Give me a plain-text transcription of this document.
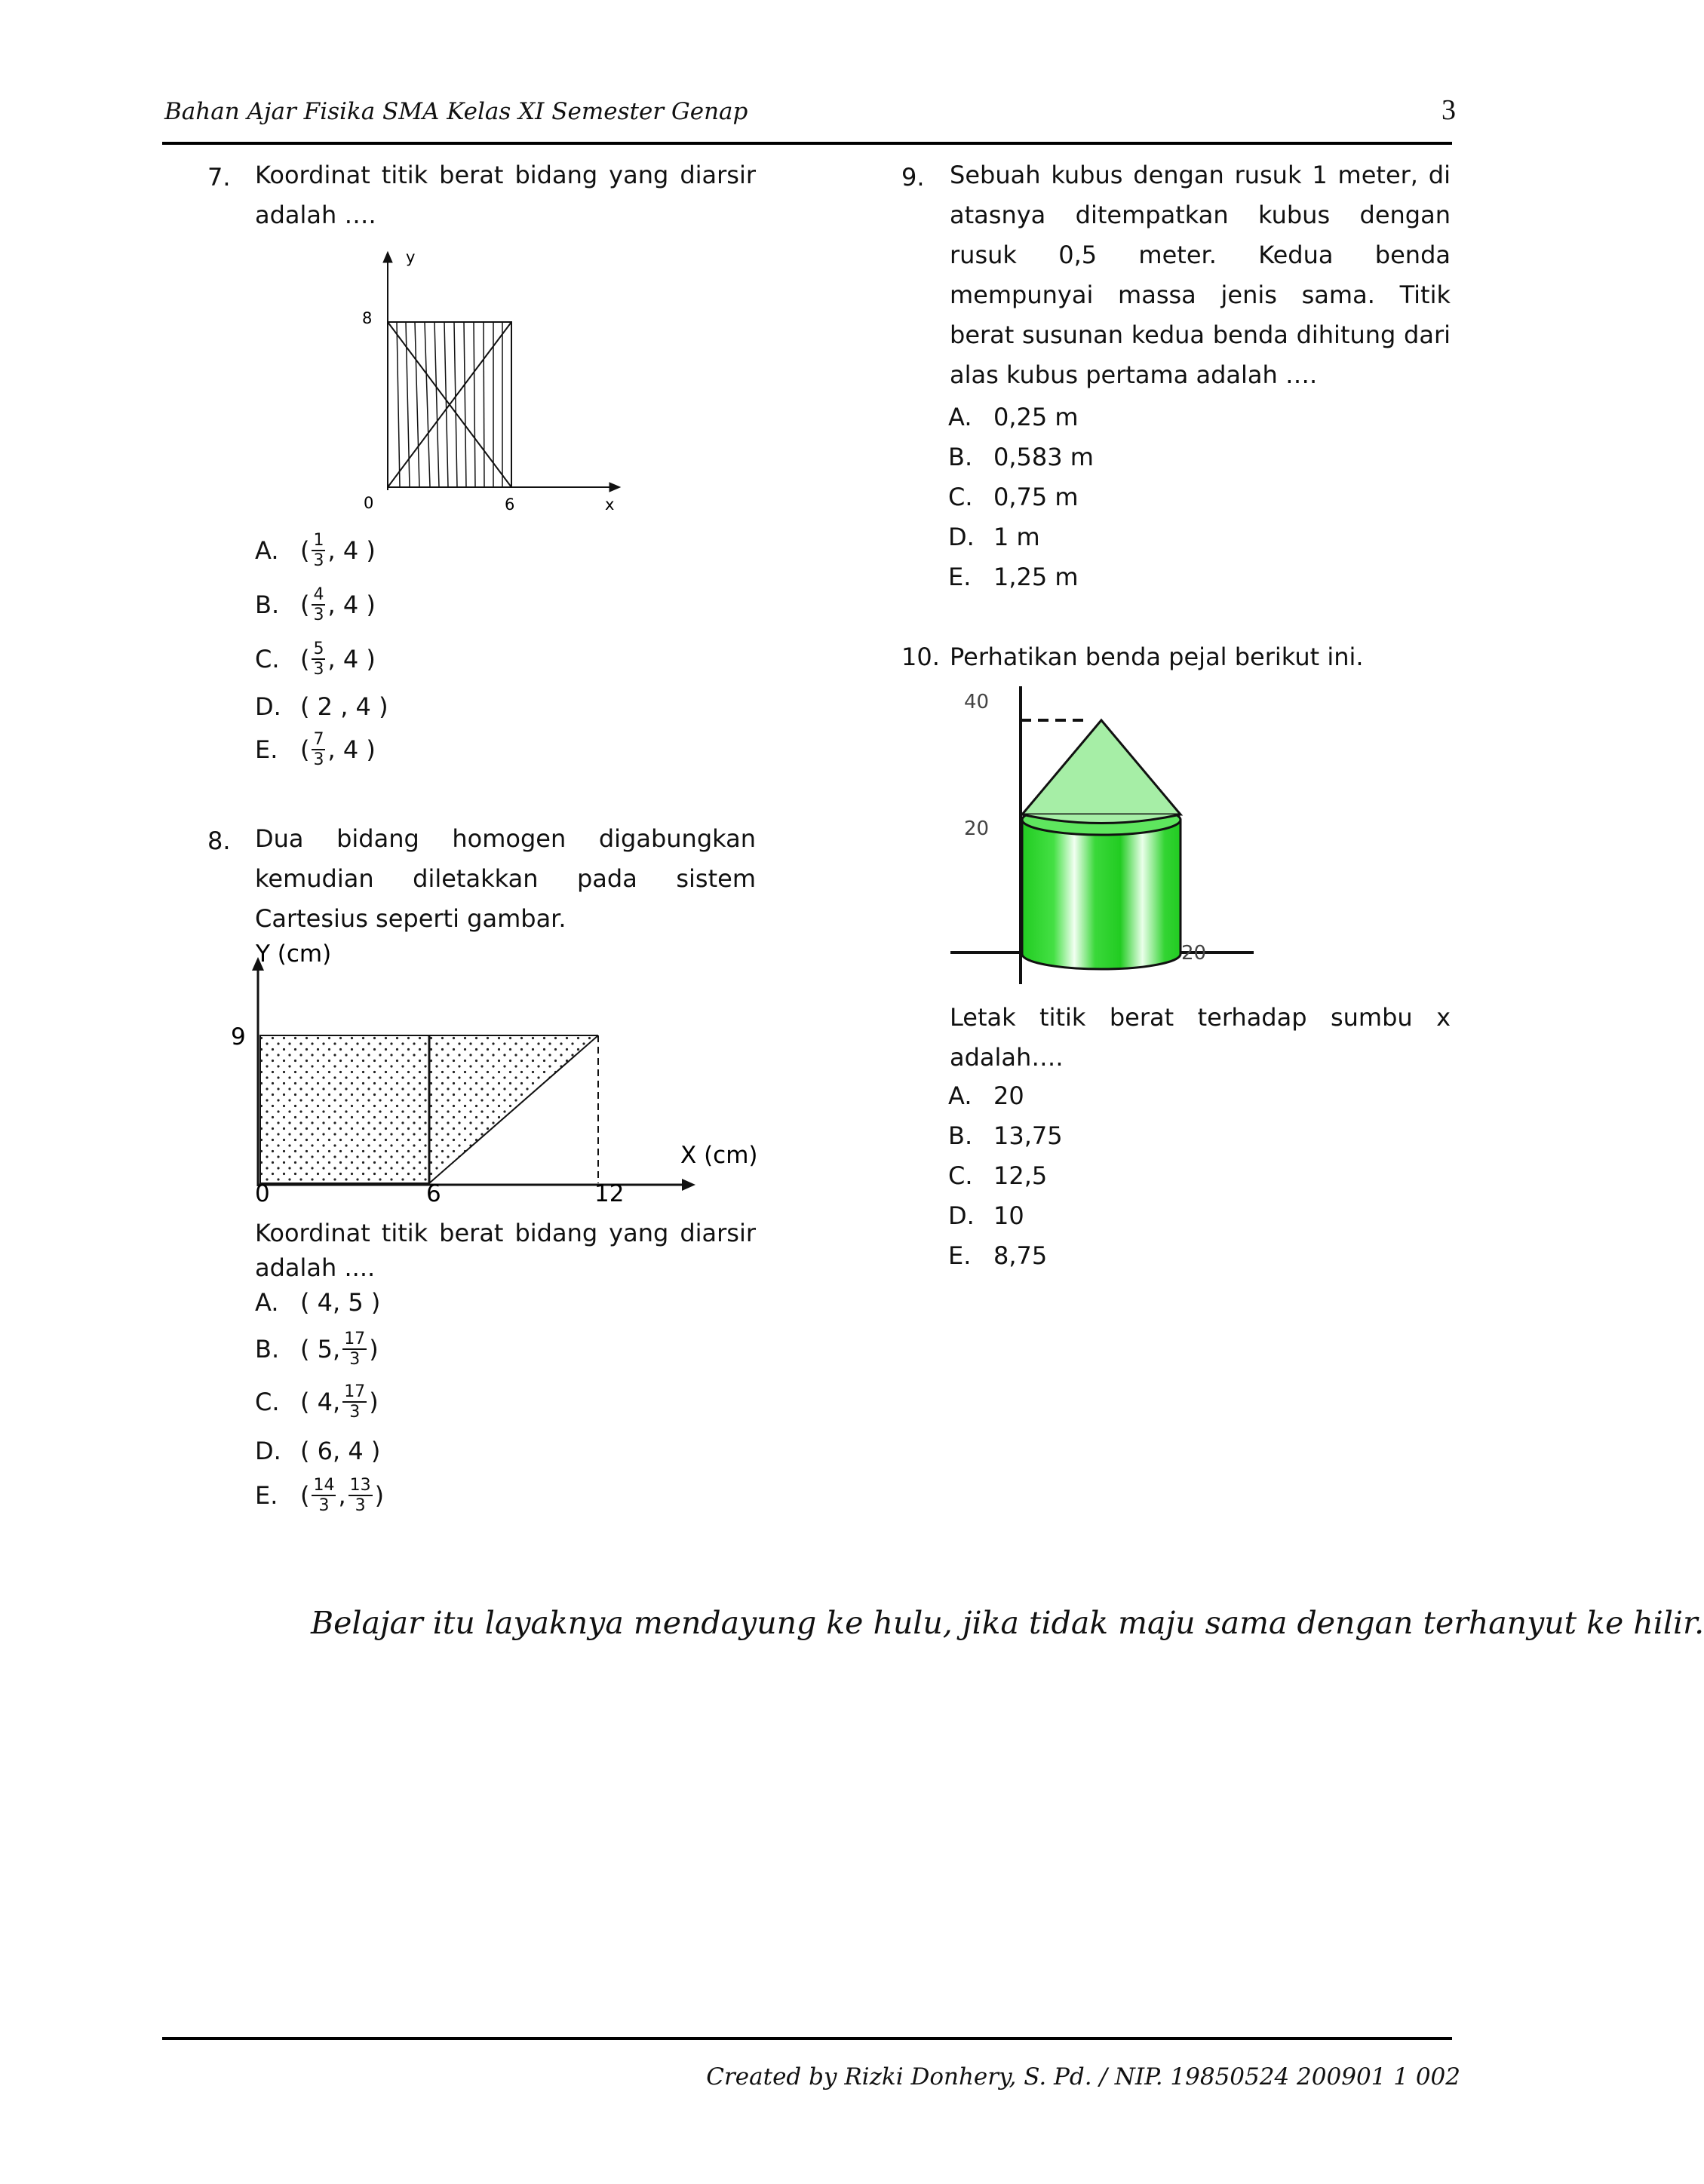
Bahan Ajar Fisika SMA Kelas XI Semester Genap	3
7. Koordinat titik berat bidang yang diarsir adalah ….
y
8
0	6	x
A. ( $\frac{1}{3}$ , 4 )
B. ( $\frac{4}{3}$ , 4 )
C. ( $\frac{5}{3}$ , 4 )
D. ( 2 , 4 )
E. ( $\frac{7}{3}$ , 4 )
8. Dua bidang homogen digabungkan kemudian diletakkan pada sistem Cartesius seperti gambar.
Y (cm)
9
X (cm)
0	6	12
Koordinat titik berat bidang yang diarsir adalah ....
A. ( 4, 5 )
B. ( 5, $\frac{17}{3}$ )
C. ( 4, $\frac{17}{3}$ )
D. ( 6, 4 )
E. ( $\frac{14}{3}$ , $\frac{13}{3}$ )
9. Sebuah kubus dengan rusuk 1 meter, di atasnya ditempatkan kubus dengan rusuk 0,5 meter. Kedua benda mempunyai massa jenis sama. Titik berat susunan kedua benda dihitung dari alas kubus pertama adalah ….
A. 0,25 m
B. 0,583 m
C. 0,75 m
D. 1 m
E. 1,25 m
10. Perhatikan benda pejal berikut ini.
40
20
20
Letak titik berat terhadap sumbu x adalah….
A. 20
B. 13,75
C. 12,5
D. 10
E. 8,75
Belajar itu layaknya mendayung ke hulu, jika tidak maju sama dengan terhanyut ke hilir.
Created by Rizki Donhery, S. Pd. / NIP. 19850524 200901 1 002
